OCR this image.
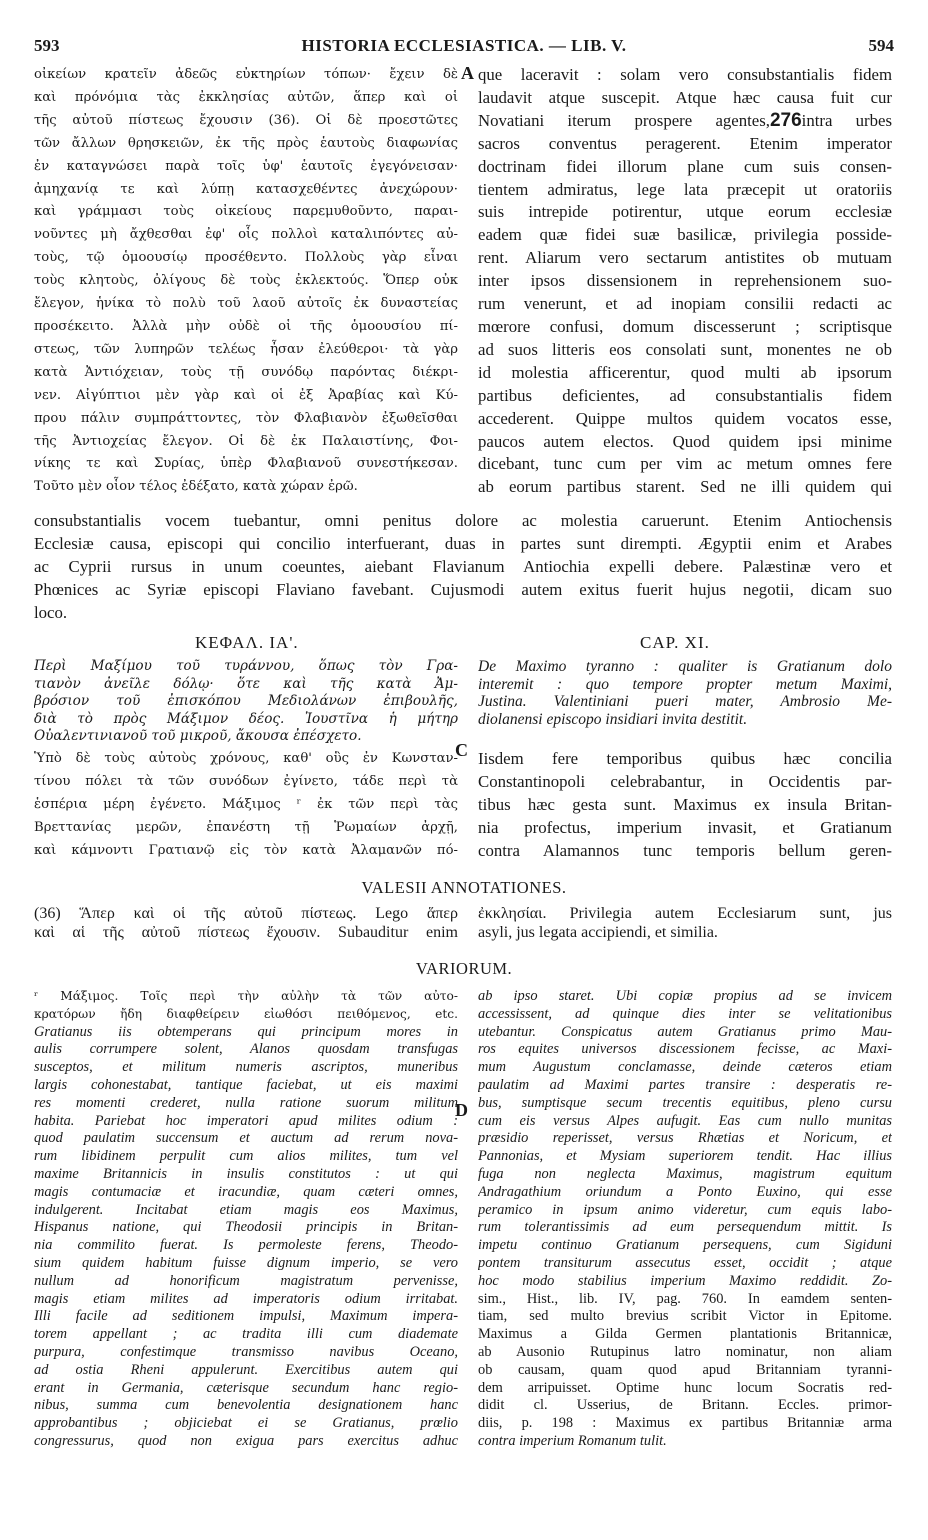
593	HISTORIA ECCLESIASTICA. — LIB. V.	594
οἰκείων κρατεῖν ἀδεῶς εὐκτηρίων τόπων· ἔχειν δὲ
καὶ πρόνόμια τὰς ἐκκλησίας αὐτῶν, ἅπερ καὶ οἱ
τῆς αὐτοῦ πίστεως ἔχουσιν (36). Οἱ δὲ προεστῶτες
τῶν ἄλλων θρησκειῶν, ἐκ τῆς πρὸς ἑαυτοὺς διαφωνίας
ἐν καταγνώσει παρὰ τοῖς ὑφ' ἑαυτοῖς ἐγεγόνεισαν·
ἀμηχανίᾳ τε καὶ λύπῃ κατασχεθέντες ἀνεχώρουν·
καὶ γράμμασι τοὺς οἰκείους παρεμυθοῦντο, παραι-
νοῦντες μὴ ἄχθεσθαι ἐφ' οἷς πολλοὶ καταλιπόντες αὐ-
τοὺς, τῷ ὁμοουσίῳ προσέθεντο. Πολλοὺς γὰρ εἶναι
τοὺς κλητοὺς, ὀλίγους δὲ τοὺς ἐκλεκτούς. Ὅπερ οὐκ
ἔλεγον, ἡνίκα τὸ πολὺ τοῦ λαοῦ αὐτοῖς ἐκ δυναστείας
προσέκειτο. Ἀλλὰ μὴν οὐδὲ οἱ τῆς ὁμοουσίου πί-
στεως, τῶν λυπηρῶν τελέως ἦσαν ἐλεύθεροι· τὰ γὰρ
κατὰ Ἀντιόχειαν, τοὺς τῇ συνόδῳ παρόντας διέκρι-
νεν. Αἰγύπτιοι μὲν γὰρ καὶ οἱ ἐξ Ἀραβίας καὶ Κύ-
πρου πάλιν συμπράττοντες, τὸν Φλαβιανὸν ἐξωθεῖσθαι
τῆς Ἀντιοχείας ἔλεγον. Οἱ δὲ ἐκ Παλαιστίνης, Φοι-
νίκης τε καὶ Συρίας, ὑπὲρ Φλαβιανοῦ συνεστήκεσαν.
Τοῦτο μὲν οἷον τέλος ἐδέξατο, κατὰ χώραν ἐρῶ.
A que laceravit : solam vero consubstantialis fidem
laudavit atque suscepit. Atque hæc causa fuit cur
Novatiani iterum prospere agentes,276intra urbes
sacros conventus peragerent. Etenim imperator
doctrinam fidei illorum plane cum suis consen-
tientem admiratus, lege lata præcepit ut oratoriis
suis intrepide potirentur, utque eorum ecclesiæ
eadem quæ fidei suæ basilicæ, privilegia posside-
rent. Aliarum vero sectarum antistites ob mutuam
inter ipsos dissensionem in reprehensionem suo-
rum venerunt, et ad inopiam consilii redacti ac
mœrore confusi, domum discesserunt ; scriptisque
ad suos litteris eos consolati sunt, monentes ne ob
id molestia afficerentur, quod multi ab ipsorum
partibus deficientes, ad consubstantialis fidem
accederent. Quippe multos quidem vocatos esse,
paucos autem electos. Quod quidem ipsi minime
dicebant, tunc cum per vim ac metum omnes fere
ab eorum partibus starent. Sed ne illi quidem qui
consubstantialis vocem tuebantur, omni penitus dolore ac molestia caruerunt. Etenim Antiochensis
Ecclesiæ causa, episcopi qui concilio interfuerant, duas in partes sunt dirempti. Ægyptii enim et Arabes
ac Cyprii rursus in unum coeuntes, aiebant Flavianum Antiochia expelli debere. Palæstinæ vero et
Phœnices ac Syriæ episcopi Flaviano favebant. Cujusmodi autem exitus fuerit hujus negotii, dicam suo
loco.
ΚΕΦΑΛ. ΙΑ'.	CAP. XI.
Περὶ Μαξίμου τοῦ τυράννου, ὅπως τὸν Γρα-
τιανὸν ἀνεῖλε δόλῳ· ὅτε καὶ τῆς κατὰ Ἀμ-
βρόσιον τοῦ ἐπισκόπου Μεδιολάνων ἐπιβουλῆς,
διὰ τὸ πρὸς Μάξιμον δέος. Ἰουστῖνα ἡ μήτηρ
Οὐαλεντινιανοῦ τοῦ μικροῦ, ἄκουσα ἐπέσχετο.
De Maximo tyranno : qualiter is Gratianum dolo
interemit : quo tempore propter metum Maximi,
Justina. Valentiniani pueri mater, Ambrosio Me-
diolanensi episcopo insidiari invita destitit.
C
Ὑπὸ δὲ τοὺς αὐτοὺς χρόνους, καθ' οὓς ἐν Κωνσταν-
τίνου πόλει τὰ τῶν συνόδων ἐγίνετο, τάδε περὶ τὰ
ἑσπέρια μέρη ἐγένετο. Μάξιμος ʳ ἐκ τῶν περὶ τὰς
Βρεττανίας μερῶν, ἐπανέστη τῇ Ῥωμαίων ἀρχῇ,
καὶ κάμνοντι Γρατιανῷ εἰς τὸν κατὰ Ἀλαμανῶν πό-
Iisdem fere temporibus quibus hæc concilia
Constantinopoli celebrabantur, in Occidentis par-
tibus hæc gesta sunt. Maximus ex insula Britan-
nia profectus, imperium invasit, et Gratianum
contra Alamannos tunc temporis bellum geren-
VALESII ANNOTATIONES.
(36) Ἅπερ καὶ οἱ τῆς αὐτοῦ πίστεως. Lego ἅπερ
καὶ αἱ τῆς αὐτοῦ πίστεως ἔχουσιν. Subauditur enim
ἐκκλησίαι. Privilegia autem Ecclesiarum sunt, jus
asyli, jus legata accipiendi, et similia.
VARIORUM.
ʳ Μάξιμος. Τοῖς περὶ τὴν αὐλὴν τὰ τῶν αὐτο-
κρατόρων ἤδη διαφθείρειν εἰωθόσι πειθόμενος, etc.
Gratianus iis obtemperans qui principum mores in
aulis corrumpere solent, Alanos quosdam transfugas
susceptos, et militum numeris ascriptos, muneribus
largis cohonestabat, tantique faciebat, ut eis maximi
res momenti crederet, nulla ratione suorum militum
habita. Pariebat hoc imperatori apud milites odium :
quod paulatim succensum et auctum ad rerum nova-
rum libidinem perpulit cum alios milites, tum vel
maxime Britannicis in insulis constitutos : ut qui
magis contumaciæ et iracundiæ, quam cæteri omnes,
indulgerent. Incitabat etiam magis eos Maximus,
Hispanus natione, qui Theodosii principis in Britan-
nia commilito fuerat. Is permoleste ferens, Theodo-
sium quidem habitum fuisse dignum imperio, se vero
nullum ad honorificum magistratum pervenisse,
magis etiam milites ad imperatoris odium irritabat.
Illi facile ad seditionem impulsi, Maximum impera-
torem appellant ; ac tradita illi cum diademate
purpura, confestimque transmisso navibus Oceano,
ad ostia Rheni appulerunt. Exercitibus autem qui
erant in Germania, cæterisque secundum hanc regio-
nibus, summa cum benevolentia designationem hanc
approbantibus ; objiciebat ei se Gratianus, prœlio
congressurus, quod non exigua pars exercitus adhuc
D
ab ipso staret. Ubi copiæ propius ad se invicem
accessissent, ad quinque dies inter se velitationibus
utebantur. Conspicatus autem Gratianus primo Mau-
ros equites universos discessionem fecisse, ac Maxi-
mum Augustum conclamasse, deinde cæteros etiam
paulatim ad Maximi partes transire : desperatis re-
bus, sumptisque secum trecentis equitibus, pleno cursu
cum eis versus Alpes aufugit. Eas cum nullo munitas
præsidio reperisset, versus Rhætias et Noricum, et
Pannonias, et Mysiam superiorem tendit. Hac illius
fuga non neglecta Maximus, magistrum equitum
Andragathium oriundum a Ponto Euxino, qui esse
peramico in ipsum animo videretur, cum equis labo-
rum tolerantissimis ad eum persequendum mittit. Is
impetu continuo Gratianum persequens, cum Sigiduni
pontem transiturum assecutus esset, occidit ; atque
hoc modo stabilius imperium Maximo reddidit. Zo-
sim., Hist., lib. IV, pag. 760. In eamdem senten-
tiam, sed multo brevius scribit Victor in Epitome.
Maximus a Gilda Germen plantationis Britannicæ,
ab Ausonio Rutupinus latro nominatur, non aliam
ob causam, quam quod apud Britanniam tyranni-
dem arripuisset. Optime hunc locum Socratis red-
didit cl. Usserius, de Britann. Eccles. primor-
diis, p. 198 : Maximus ex partibus Britanniæ arma
contra imperium Romanum tulit.
